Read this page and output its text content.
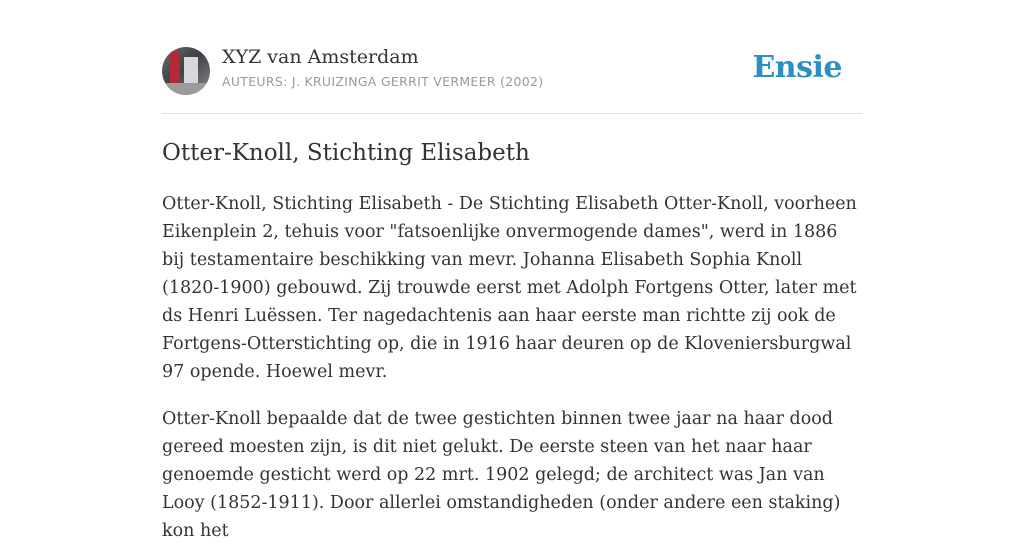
XYZ van Amsterdam
AUTEURS: J. KRUIZINGA GERRIT VERMEER (2002)	Ensie
Otter-Knoll, Stichting Elisabeth

Otter-Knoll, Stichting Elisabeth - De Stichting Elisabeth Otter-Knoll, voorheen Eikenplein 2, tehuis voor "fatsoenlijke onvermogende dames", werd in 1886 bij testamentaire beschikking van mevr. Johanna Elisabeth Sophia Knoll (1820-1900) gebouwd. Zij trouwde eerst met Adolph Fortgens Otter, later met ds Henri Luëssen. Ter nagedachtenis aan haar eerste man richtte zij ook de Fortgens-Otterstichting op, die in 1916 haar deuren op de Kloveniersburgwal 97 opende. Hoewel mevr.

Otter-Knoll bepaalde dat de twee gestichten binnen twee jaar na haar dood gereed moesten zijn, is dit niet gelukt. De eerste steen van het naar haar genoemde gesticht werd op 22 mrt. 1902 gelegd; de architect was Jan van Looy (1852-1911). Door allerlei omstandigheden (onder andere een staking) kon het
